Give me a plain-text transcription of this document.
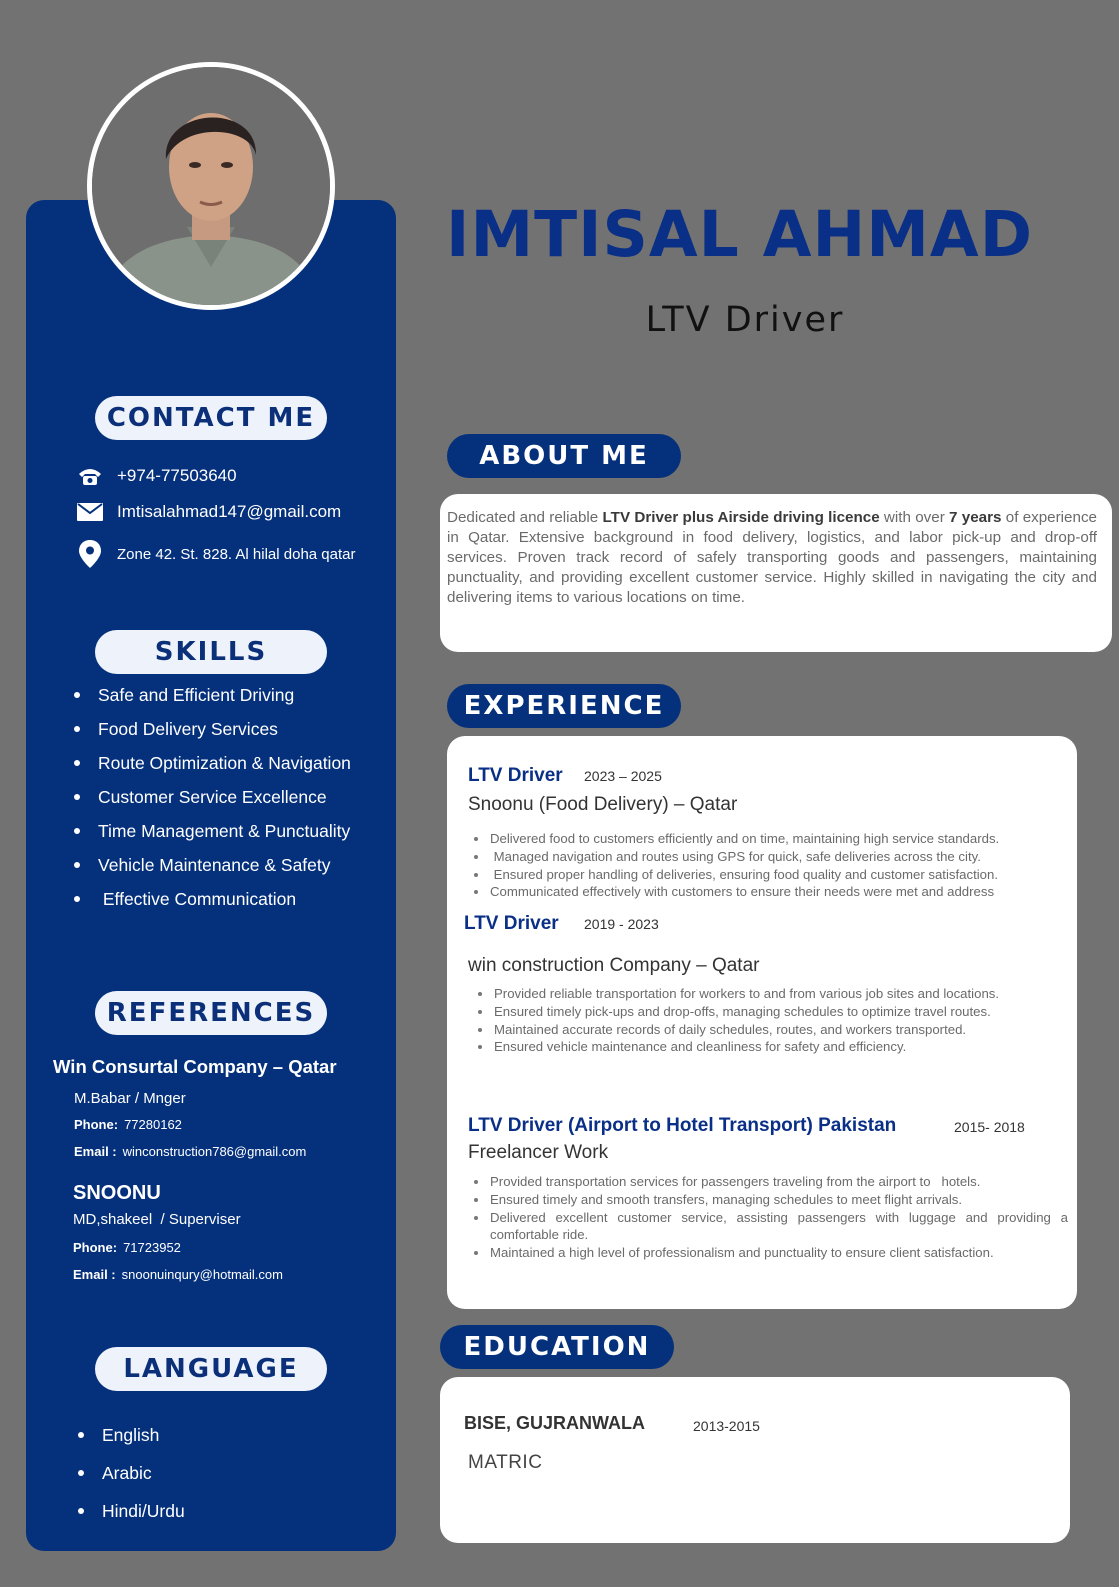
IMTISAL AHMAD
LTV Driver
CONTACT ME
+974-77503640
Imtisalahmad147@gmail.com
Zone 42. St. 828. Al hilal doha qatar
SKILLS
Safe and Efficient Driving
Food Delivery Services
Route Optimization & Navigation
Customer Service Excellence
Time Management & Punctuality
Vehicle Maintenance & Safety
Effective Communication
REFERENCES
Win Consurtal Company – Qatar
M.Babar / Mnger
Phone: 77280162
Email : winconstruction786@gmail.com
SNOONU
MD,shakeel  / Superviser
Phone: 71723952
Email : snoonuinqury@hotmail.com
LANGUAGE
English
Arabic
Hindi/Urdu
ABOUT ME
Dedicated and reliable LTV Driver plus Airside driving licence with over 7 years of experience in Qatar. Extensive background in food delivery, logistics, and labor pick-up and drop-off services. Proven track record of safely transporting goods and passengers, maintaining punctuality, and providing excellent customer service. Highly skilled in navigating the city and delivering items to various locations on time.
EXPERIENCE
LTV Driver 2023 – 2025
Snoonu (Food Delivery) – Qatar
Delivered food to customers efficiently and on time, maintaining high service standards.
Managed navigation and routes using GPS for quick, safe deliveries across the city.
Ensured proper handling of deliveries, ensuring food quality and customer satisfaction.
Communicated effectively with customers to ensure their needs were met and address
LTV Driver 2019 - 2023
win construction Company – Qatar
Provided reliable transportation for workers to and from various job sites and locations.
Ensured timely pick-ups and drop-offs, managing schedules to optimize travel routes.
Maintained accurate records of daily schedules, routes, and workers transported.
Ensured vehicle maintenance and cleanliness for safety and efficiency.
LTV Driver (Airport to Hotel Transport) Pakistan	2015- 2018
Freelancer Work
Provided transportation services for passengers traveling from the airport to   hotels.
Ensured timely and smooth transfers, managing schedules to meet flight arrivals.
Delivered excellent customer service, assisting passengers with luggage and providing a comfortable ride.
Maintained a high level of professionalism and punctuality to ensure client satisfaction.
EDUCATION
BISE, GUJRANWALA	2013-2015
MATRIC
